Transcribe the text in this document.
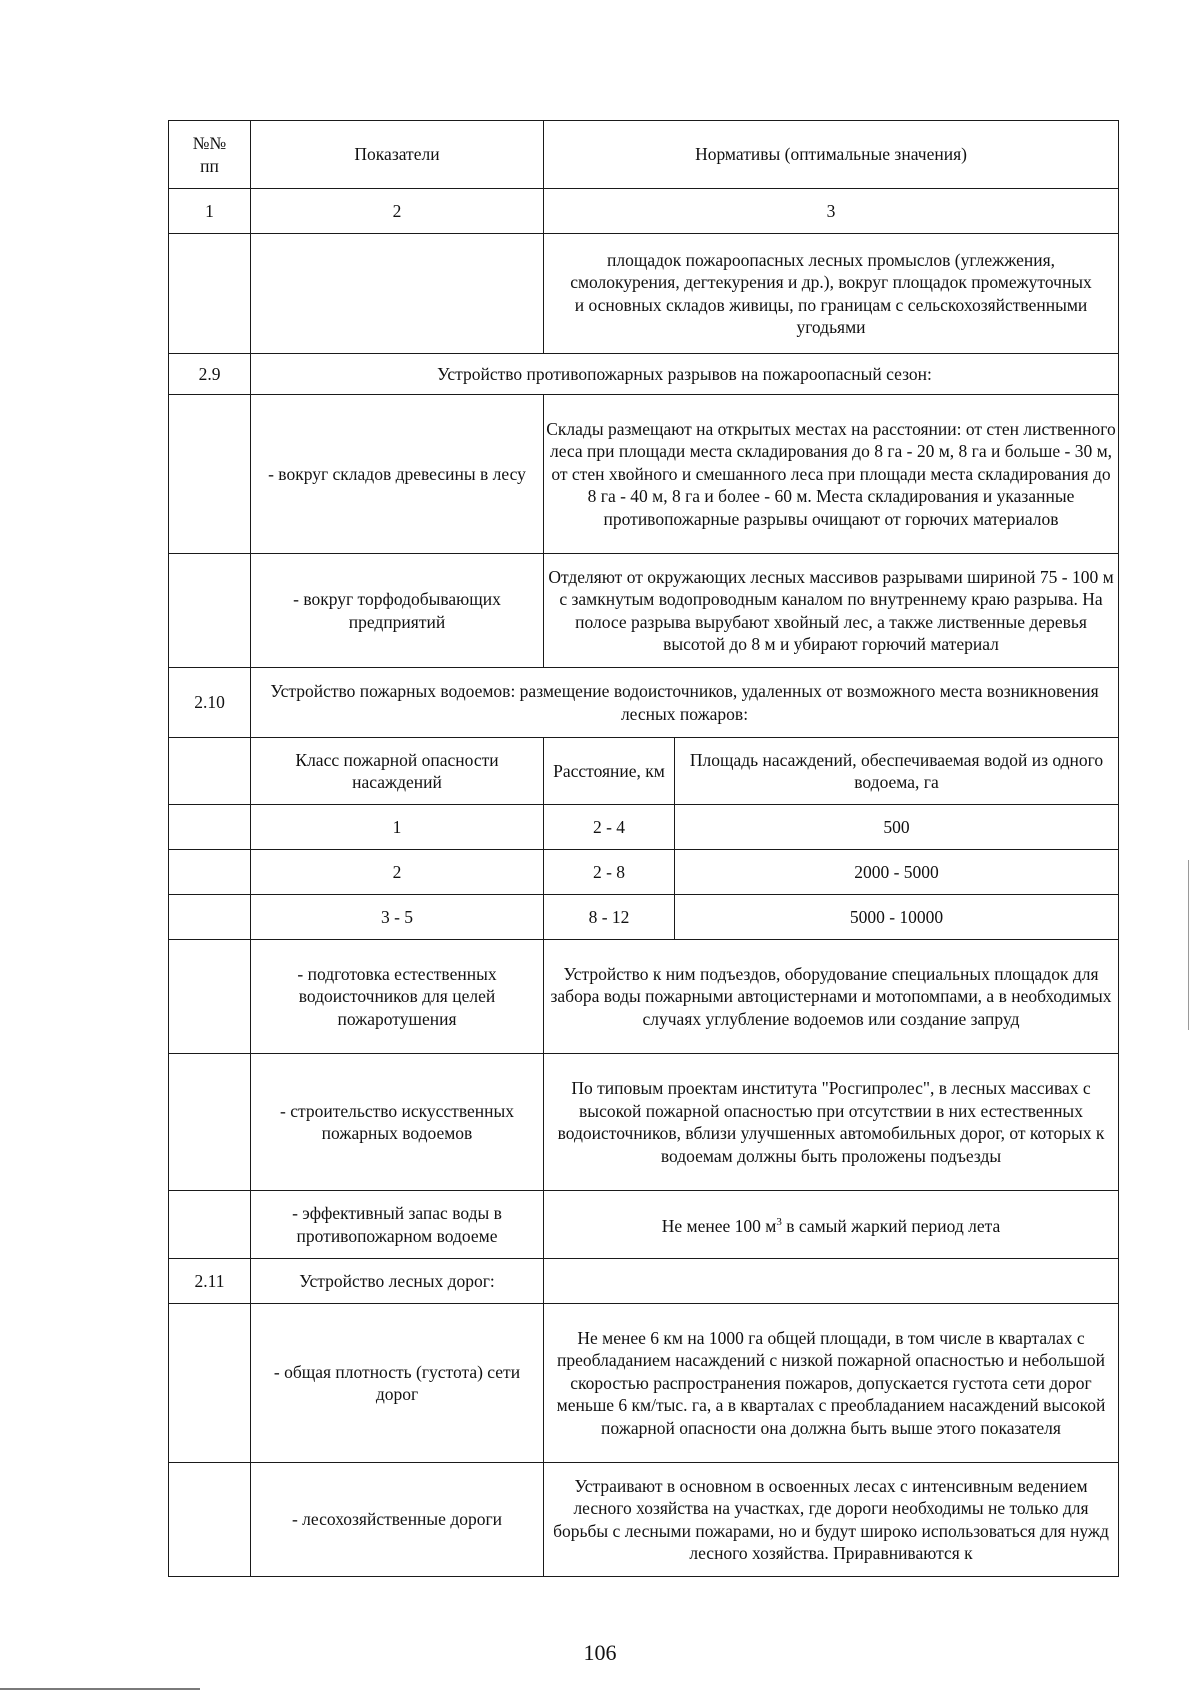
№№ пп	Показатели	Нормативы (оптимальные значения)	
1	2	3	
		площадок пожароопасных лесных промыслов (углежжения, смолокурения, дегтекурения и др.), вокруг площадок промежуточных и основных складов живицы, по границам с сельскохозяйственными угодьями	
2.9	Устройство противопожарных разрывов на пожароопасный сезон:		
	- вокруг складов древесины в лесу	Склады размещают на открытых местах на расстоянии: от стен лиственного леса при площади места складирования до 8 га - 20 м, 8 га и больше - 30 м, от стен хвойного и смешанного леса при площади места складирования до 8 га - 40 м, 8 га и более - 60 м. Места складирования и указанные противопожарные разрывы очищают от горючих материалов	
	- вокруг торфодобывающих предприятий	Отделяют от окружающих лесных массивов разрывами шириной 75 - 100 м с замкнутым водопроводным каналом по внутреннему краю разрыва. На полосе разрыва вырубают хвойный лес, а также лиственные деревья высотой до 8 м и убирают горючий материал	
2.10	Устройство пожарных водоемов: размещение водоисточников, удаленных от возможного места возникновения лесных пожаров:		
	Класс пожарной опасности насаждений	Расстояние, км	Площадь насаждений, обеспечиваемая водой из одного водоема, га
	1	2 - 4	500
	2	2 - 8	2000 - 5000
	3 - 5	8 - 12	5000 - 10000
	- подготовка естественных водоисточников для целей пожаротушения	Устройство к ним подъездов, оборудование специальных площадок для забора воды пожарными автоцистернами и мотопомпами, а в необходимых случаях углубление водоемов или создание запруд	
	- строительство искусственных пожарных водоемов	По типовым проектам института "Росгипролес", в лесных массивах с высокой пожарной опасностью при отсутствии в них естественных водоисточников, вблизи улучшенных автомобильных дорог, от которых к водоемам должны быть проложены подъезды	
	- эффективный запас воды в противопожарном водоеме	Не менее 100 $м^3$ в самый жаркий период лета	
2.11	Устройство лесных дорог:		
	- общая плотность (густота) сети дорог	Не менее 6 км на 1000 га общей площади, в том числе в кварталах с преобладанием насаждений с низкой пожарной опасностью и небольшой скоростью распространения пожаров, допускается густота сети дорог меньше 6 км/тыс. га, а в кварталах с преобладанием насаждений высокой пожарной опасности она должна быть выше этого показателя	
	- лесохозяйственные дороги	Устраивают в основном в освоенных лесах с интенсивным ведением лесного хозяйства на участках, где дороги необходимы не только для борьбы с лесными пожарами, но и будут широко использоваться для нужд лесного хозяйства. Приравниваются к	
106
